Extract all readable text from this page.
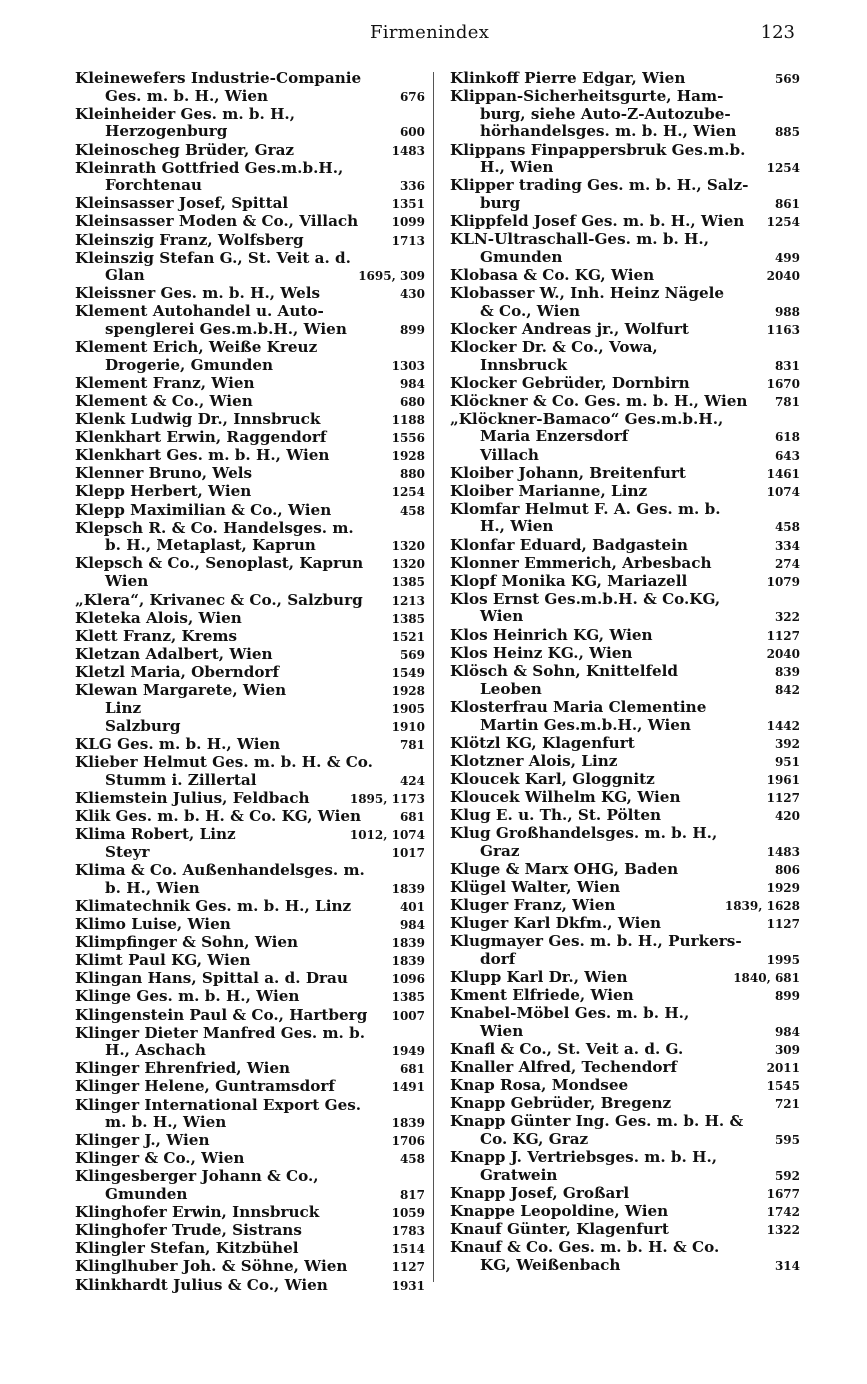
Firmenindex	123
Kleinewefers Industrie-Companie
Ges. m. b. H., Wien	676
Kleinheider Ges. m. b. H.,
Herzogenburg	600
Kleinoscheg Brüder, Graz	1483
Kleinrath Gottfried Ges.m.b.H.,
Forchtenau	336
Kleinsasser Josef, Spittal	1351
Kleinsasser Moden & Co., Villach	1099
Kleinszig Franz, Wolfsberg	1713
Kleinszig Stefan G., St. Veit a. d.
Glan	1695, 309
Kleissner Ges. m. b. H., Wels	430
Klement Autohandel u. Auto-
spenglerei Ges.m.b.H., Wien	899
Klement Erich, Weiße Kreuz
Drogerie, Gmunden	1303
Klement Franz, Wien	984
Klement & Co., Wien	680
Klenk Ludwig Dr., Innsbruck	1188
Klenkhart Erwin, Raggendorf	1556
Klenkhart Ges. m. b. H., Wien	1928
Klenner Bruno, Wels	880
Klepp Herbert, Wien	1254
Klepp Maximilian & Co., Wien	458
Klepsch R. & Co. Handelsges. m.
b. H., Metaplast, Kaprun	1320
Klepsch & Co., Senoplast, Kaprun 1320
Wien	1385
„Klera“, Krivanec & Co., Salzburg 1213
Kleteka Alois, Wien	1385
Klett Franz, Krems	1521
Kletzan Adalbert, Wien	569
Kletzl Maria, Oberndorf	1549
Klewan Margarete, Wien	1928
Linz	1905
Salzburg	1910
KLG Ges. m. b. H., Wien	781
Klieber Helmut Ges. m. b. H. & Co.
Stumm i. Zillertal	424
Kliemstein Julius, Feldbach	1895, 1173
Klik Ges. m. b. H. & Co. KG, Wien	681
Klima Robert, Linz	1012, 1074
Steyr	1017
Klima & Co. Außenhandelsges. m.
b. H., Wien	1839
Klimatechnik Ges. m. b. H., Linz	401
Klimo Luise, Wien	984
Klimpfinger & Sohn, Wien	1839
Klimt Paul KG, Wien	1839
Klingan Hans, Spittal a. d. Drau	1096
Klinge Ges. m. b. H., Wien	1385
Klingenstein Paul & Co., Hartberg 1007
Klinger Dieter Manfred Ges. m. b.
H., Aschach	1949
Klinger Ehrenfried, Wien	681
Klinger Helene, Guntramsdorf	1491
Klinger International Export Ges.
m. b. H., Wien	1839
Klinger J., Wien	1706
Klinger & Co., Wien	458
Klingesberger Johann & Co.,
Gmunden	817
Klinghofer Erwin, Innsbruck	1059
Klinghofer Trude, Sistrans	1783
Klingler Stefan, Kitzbühel	1514
Klinglhuber Joh. & Söhne, Wien	1127
Klinkhardt Julius & Co., Wien	1931
Klinkoff Pierre Edgar, Wien	569
Klippan-Sicherheitsgurte, Ham-
burg, siehe Auto-Z-Autozube-
hörhandelsges. m. b. H., Wien	885
Klippans Finpappersbruk Ges.m.b.
H., Wien	1254
Klipper trading Ges. m. b. H., Salz-
burg	861
Klippfeld Josef Ges. m. b. H., Wien 1254
KLN-Ultraschall-Ges. m. b. H.,
Gmunden	499
Klobasa & Co. KG, Wien	2040
Klobasser W., Inh. Heinz Nägele
& Co., Wien	988
Klocker Andreas jr., Wolfurt	1163
Klocker Dr. & Co., Vowa,
Innsbruck	831
Klocker Gebrüder, Dornbirn	1670
Klöckner & Co. Ges. m. b. H., Wien 781
„Klöckner-Bamaco“ Ges.m.b.H.,
Maria Enzersdorf	618
Villach	643
Kloiber Johann, Breitenfurt	1461
Kloiber Marianne, Linz	1074
Klomfar Helmut F. A. Ges. m. b.
H., Wien	458
Klonfar Eduard, Badgastein	334
Klonner Emmerich, Arbesbach	274
Klopf Monika KG, Mariazell	1079
Klos Ernst Ges.m.b.H. & Co.KG,
Wien	322
Klos Heinrich KG, Wien	1127
Klos Heinz KG., Wien	2040
Klösch & Sohn, Knittelfeld	839
Leoben	842
Klosterfrau Maria Clementine
Martin Ges.m.b.H., Wien	1442
Klötzl KG, Klagenfurt	392
Klotzner Alois, Linz	951
Kloucek Karl, Gloggnitz	1961
Kloucek Wilhelm KG, Wien	1127
Klug E. u. Th., St. Pölten	420
Klug Großhandelsges. m. b. H.,
Graz	1483
Kluge & Marx OHG, Baden	806
Klügel Walter, Wien	1929
Kluger Franz, Wien	1839, 1628
Kluger Karl Dkfm., Wien	1127
Klugmayer Ges. m. b. H., Purkers-
dorf	1995
Klupp Karl Dr., Wien	1840, 681
Kment Elfriede, Wien	899
Knabel-Möbel Ges. m. b. H.,
Wien	984
Knafl & Co., St. Veit a. d. G.	309
Knaller Alfred, Techendorf	2011
Knap Rosa, Mondsee	1545
Knapp Gebrüder, Bregenz	721
Knapp Günter Ing. Ges. m. b. H. &
Co. KG, Graz	595
Knapp J. Vertriebsges. m. b. H.,
Gratwein	592
Knapp Josef, Großarl	1677
Knappe Leopoldine, Wien	1742
Knauf Günter, Klagenfurt	1322
Knauf & Co. Ges. m. b. H. & Co.
KG, Weißenbach	314
